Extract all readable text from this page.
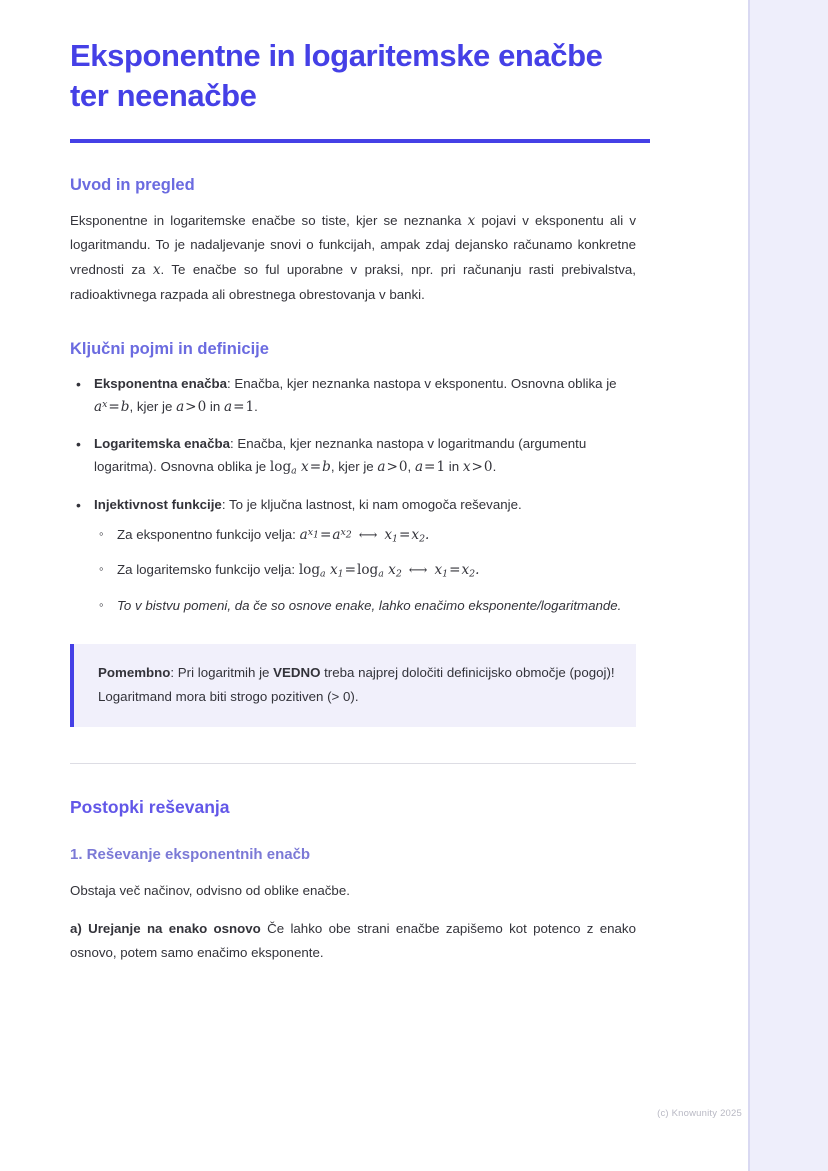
Eksponentne in logaritemske enačbe ter neenačbe
Uvod in pregled

Eksponentne in logaritemske enačbe so tiste, kjer se neznanka x pojavi v eksponentu ali v logaritmandu. To je nadaljevanje snovi o funkcijah, ampak zdaj dejansko računamo konkretne vrednosti za x. Te enačbe so ful uporabne v praksi, npr. pri računanju rasti prebivalstva, radioaktivnega razpada ali obrestnega obrestovanja v banki.

Ključni pojmi in definicije
• Eksponentna enačba: Enačba, kjer neznanka nastopa v eksponentu. Osnovna oblika je $a^x=b$, kjer je a>0 in a=1.
• Logaritemska enačba: Enačba, kjer neznanka nastopa v logaritmandu (argumentu logaritma). Osnovna oblika je $\log_a x=b$, kjer je a>0, a=1 in x>0.
• Injektivnost funkcije: To je ključna lastnost, ki nam omogoča reševanje.
◦ Za eksponentno funkcijo velja: $a^{x_1}=a^{x_2}$ ⟷ $x_1=x_2$.
◦ Za logaritemsko funkcijo velja: $\log_a x_1=\log_a$ $x_2$ ⟷ $x_1=x_2$.
◦ To v bistvu pomeni, da če so osnove enake, lahko enačimo eksponente/logaritmande.
Pomembno: Pri logaritmih je VEDNO treba najprej določiti definicijsko območje (pogoj)! Logaritmand mora biti strogo pozitiven (> 0).
Postopki reševanja
1. Reševanje eksponentnih enačb

Obstaja več načinov, odvisno od oblike enačbe.

a) Urejanje na enako osnovo Če lahko obe strani enačbe zapišemo kot potenco z enako osnovo, potem samo enačimo eksponente.

(c) Knowunity 2025
